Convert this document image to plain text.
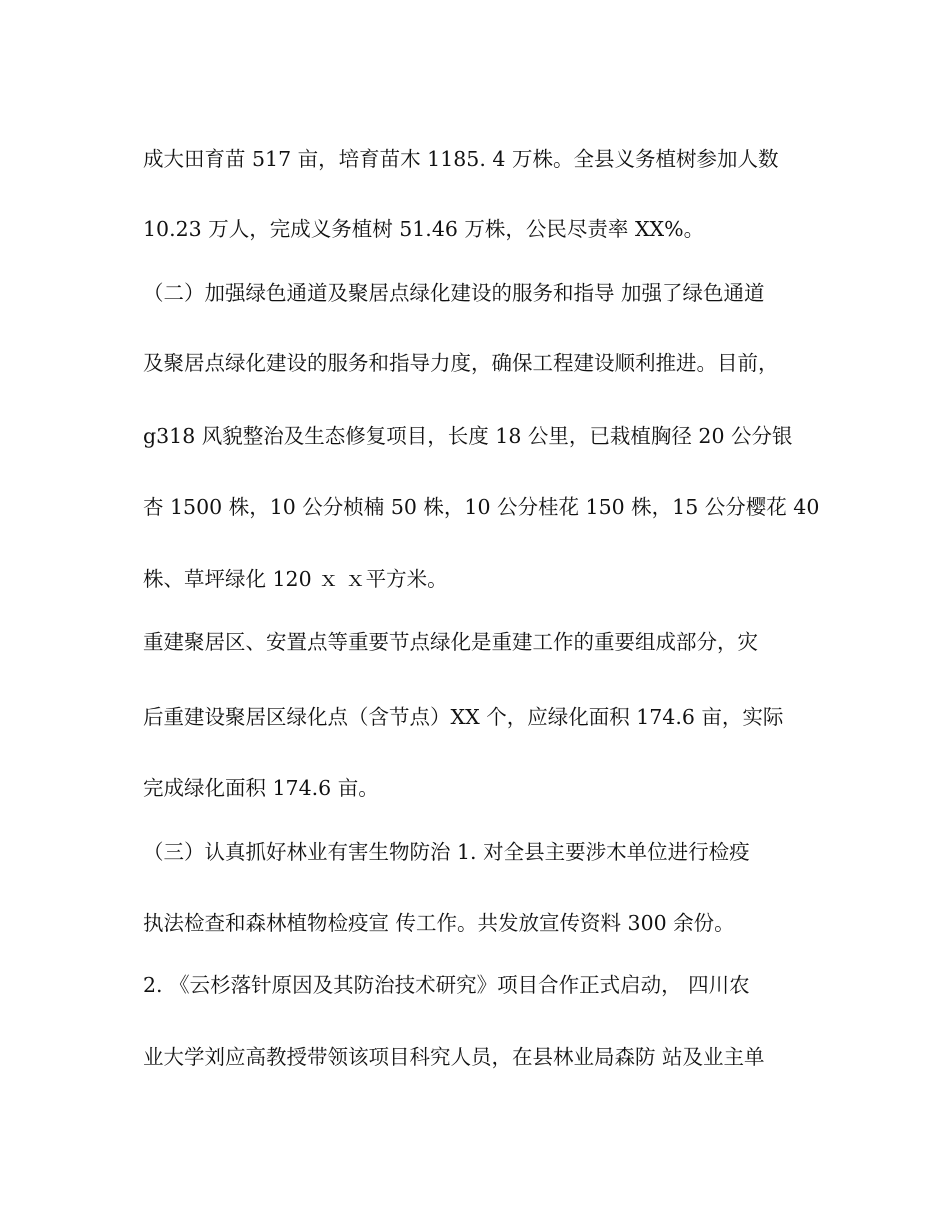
成大田育苗 517 亩，培育苗木 1185. 4 万株。全县义务植树参加人数
10.23 万人，完成义务植树 51.46 万株，公民尽责率 XX%。
（二）加强绿色通道及聚居点绿化建设的服务和指导 加强了绿色通道
及聚居点绿化建设的服务和指导力度，确保工程建设顺利推进。目前，
g318 风貌整治及生态修复项目，长度 18 公里，已栽植胸径 20 公分银
杏 1500 株，10 公分桢楠 50 株，10 公分桂花 150 株，15 公分樱花 40
株、草坪绿化 120 ｘ ｘ平方米。
重建聚居区、安置点等重要节点绿化是重建工作的重要组成部分，灾
后重建设聚居区绿化点（含节点）XX 个，应绿化面积 174.6 亩，实际
完成绿化面积 174.6 亩。
（三）认真抓好林业有害生物防治 1. 对全县主要涉木单位进行检疫
执法检查和森林植物检疫宣 传工作。共发放宣传资料 300 余份。
2. 《云杉落针原因及其防治技术研究》项目合作正式启动， 四川农
业大学刘应高教授带领该项目科究人员，在县林业局森防 站及业主单
